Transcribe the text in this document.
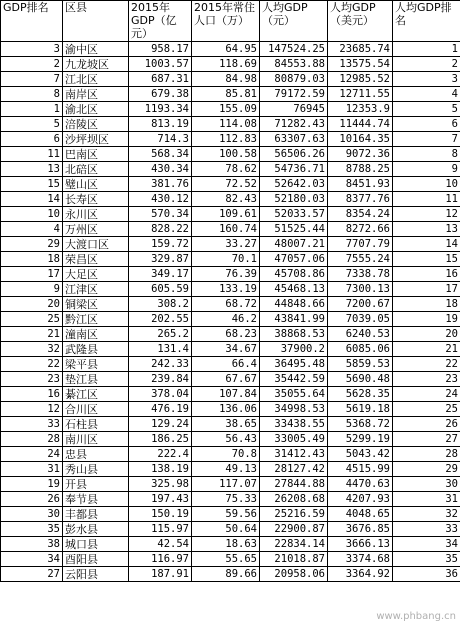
GDP排名	区县	2015年GDP（亿元）	2015年常住人口（万）	人均GDP（元）	人均GDP（美元）	人均GDP排名
3	渝中区	958.17	64.95	147524.25	23685.74	1
2	九龙坡区	1003.57	118.69	84553.88	13575.54	2
7	江北区	687.31	84.98	80879.03	12985.52	3
8	南岸区	679.38	85.81	79172.59	12711.55	4
1	渝北区	1193.34	155.09	76945	12353.9	5
5	涪陵区	813.19	114.08	71282.43	11444.74	6
6	沙坪坝区	714.3	112.83	63307.63	10164.35	7
11	巴南区	568.34	100.58	56506.26	9072.36	8
13	北碚区	430.34	78.62	54736.71	8788.25	9
15	璧山区	381.76	72.52	52642.03	8451.93	10
14	长寿区	430.12	82.43	52180.03	8377.76	11
10	永川区	570.34	109.61	52033.57	8354.24	12
4	万州区	828.22	160.74	51525.44	8272.66	13
29	大渡口区	159.72	33.27	48007.21	7707.79	14
18	荣昌区	329.87	70.1	47057.06	7555.24	15
17	大足区	349.17	76.39	45708.86	7338.78	16
9	江津区	605.59	133.19	45468.13	7300.13	17
20	铜梁区	308.2	68.72	44848.66	7200.67	18
25	黔江区	202.55	46.2	43841.99	7039.05	19
21	潼南区	265.2	68.23	38868.53	6240.53	20
32	武隆县	131.4	34.67	37900.2	6085.06	21
22	梁平县	242.33	66.4	36495.48	5859.53	22
23	垫江县	239.84	67.67	35442.59	5690.48	23
16	綦江区	378.04	107.84	35055.64	5628.35	24
12	合川区	476.19	136.06	34998.53	5619.18	25
33	石柱县	129.24	38.65	33438.55	5368.72	26
28	南川区	186.25	56.43	33005.49	5299.19	27
24	忠县	222.4	70.8	31412.43	5043.42	28
31	秀山县	138.19	49.13	28127.42	4515.99	29
19	开县	325.98	117.07	27844.88	4470.63	30
26	奉节县	197.43	75.33	26208.68	4207.93	31
30	丰都县	150.19	59.56	25216.59	4048.65	32
35	彭水县	115.97	50.64	22900.87	3676.85	33
38	城口县	42.54	18.63	22834.14	3666.13	34
34	酉阳县	116.97	55.65	21018.87	3374.68	35
27	云阳县	187.91	89.66	20958.06	3364.92	36
www.phbang.cn
